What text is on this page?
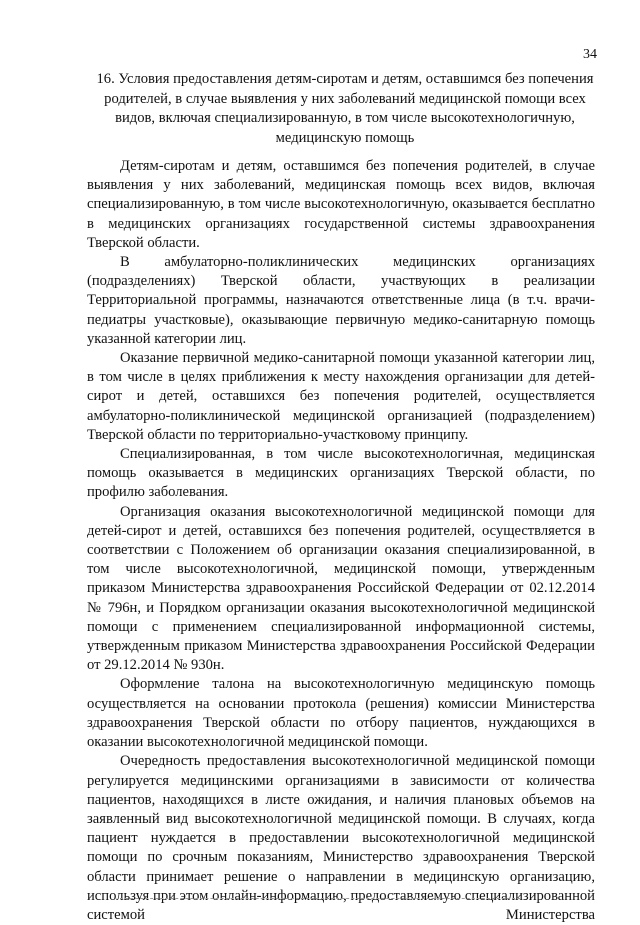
34
16. Условия предоставления детям-сиротам и детям, оставшимся без попечения родителей, в случае выявления у них заболеваний медицинской помощи всех видов, включая специализированную, в том числе высокотехнологичную, медицинскую помощь

Детям-сиротам и детям, оставшимся без попечения родителей, в случае выявления у них заболеваний, медицинская помощь всех видов, включая специализированную, в том числе высокотехнологичную, оказывается бесплатно в медицинских организациях государственной системы здравоохранения Тверской области.

В амбулаторно-поликлинических медицинских организациях (подразделениях) Тверской области, участвующих в реализации Территориальной программы, назначаются ответственные лица (в т.ч. врачи-педиатры участковые), оказывающие первичную медико-санитарную помощь указанной категории лиц.

Оказание первичной медико-санитарной помощи указанной категории лиц, в том числе в целях приближения к месту нахождения организации для детей-сирот и детей, оставшихся без попечения родителей, осуществляется амбулаторно-поликлинической медицинской организацией (подразделением) Тверской области по территориально-участковому принципу.

Специализированная, в том числе высокотехнологичная, медицинская помощь оказывается в медицинских организациях Тверской области, по профилю заболевания.

Организация оказания высокотехнологичной медицинской помощи для детей-сирот и детей, оставшихся без попечения родителей, осуществляется в соответствии с Положением об организации оказания специализированной, в том числе высокотехнологичной, медицинской помощи, утвержденным приказом Министерства здравоохранения Российской Федерации от 02.12.2014 № 796н, и Порядком организации оказания высокотехнологичной медицинской помощи с применением специализированной информационной системы, утвержденным приказом Министерства здравоохранения Российской Федерации от 29.12.2014 № 930н.

Оформление талона на высокотехнологичную медицинскую помощь осуществляется на основании протокола (решения) комиссии Министерства здравоохранения Тверской области по отбору пациентов, нуждающихся в оказании высокотехнологичной медицинской помощи.

Очередность предоставления высокотехнологичной медицинской помощи регулируется медицинскими организациями в зависимости от количества пациентов, находящихся в листе ожидания, и наличия плановых объемов на заявленный вид высокотехнологичной медицинской помощи. В случаях, когда пациент нуждается в предоставлении высокотехнологичной медицинской помощи по срочным показаниям, Министерство здравоохранения Тверской области принимает решение о направлении в медицинскую организацию, используя при этом онлайн-информацию, предоставляемую специализированной системой Министерства
